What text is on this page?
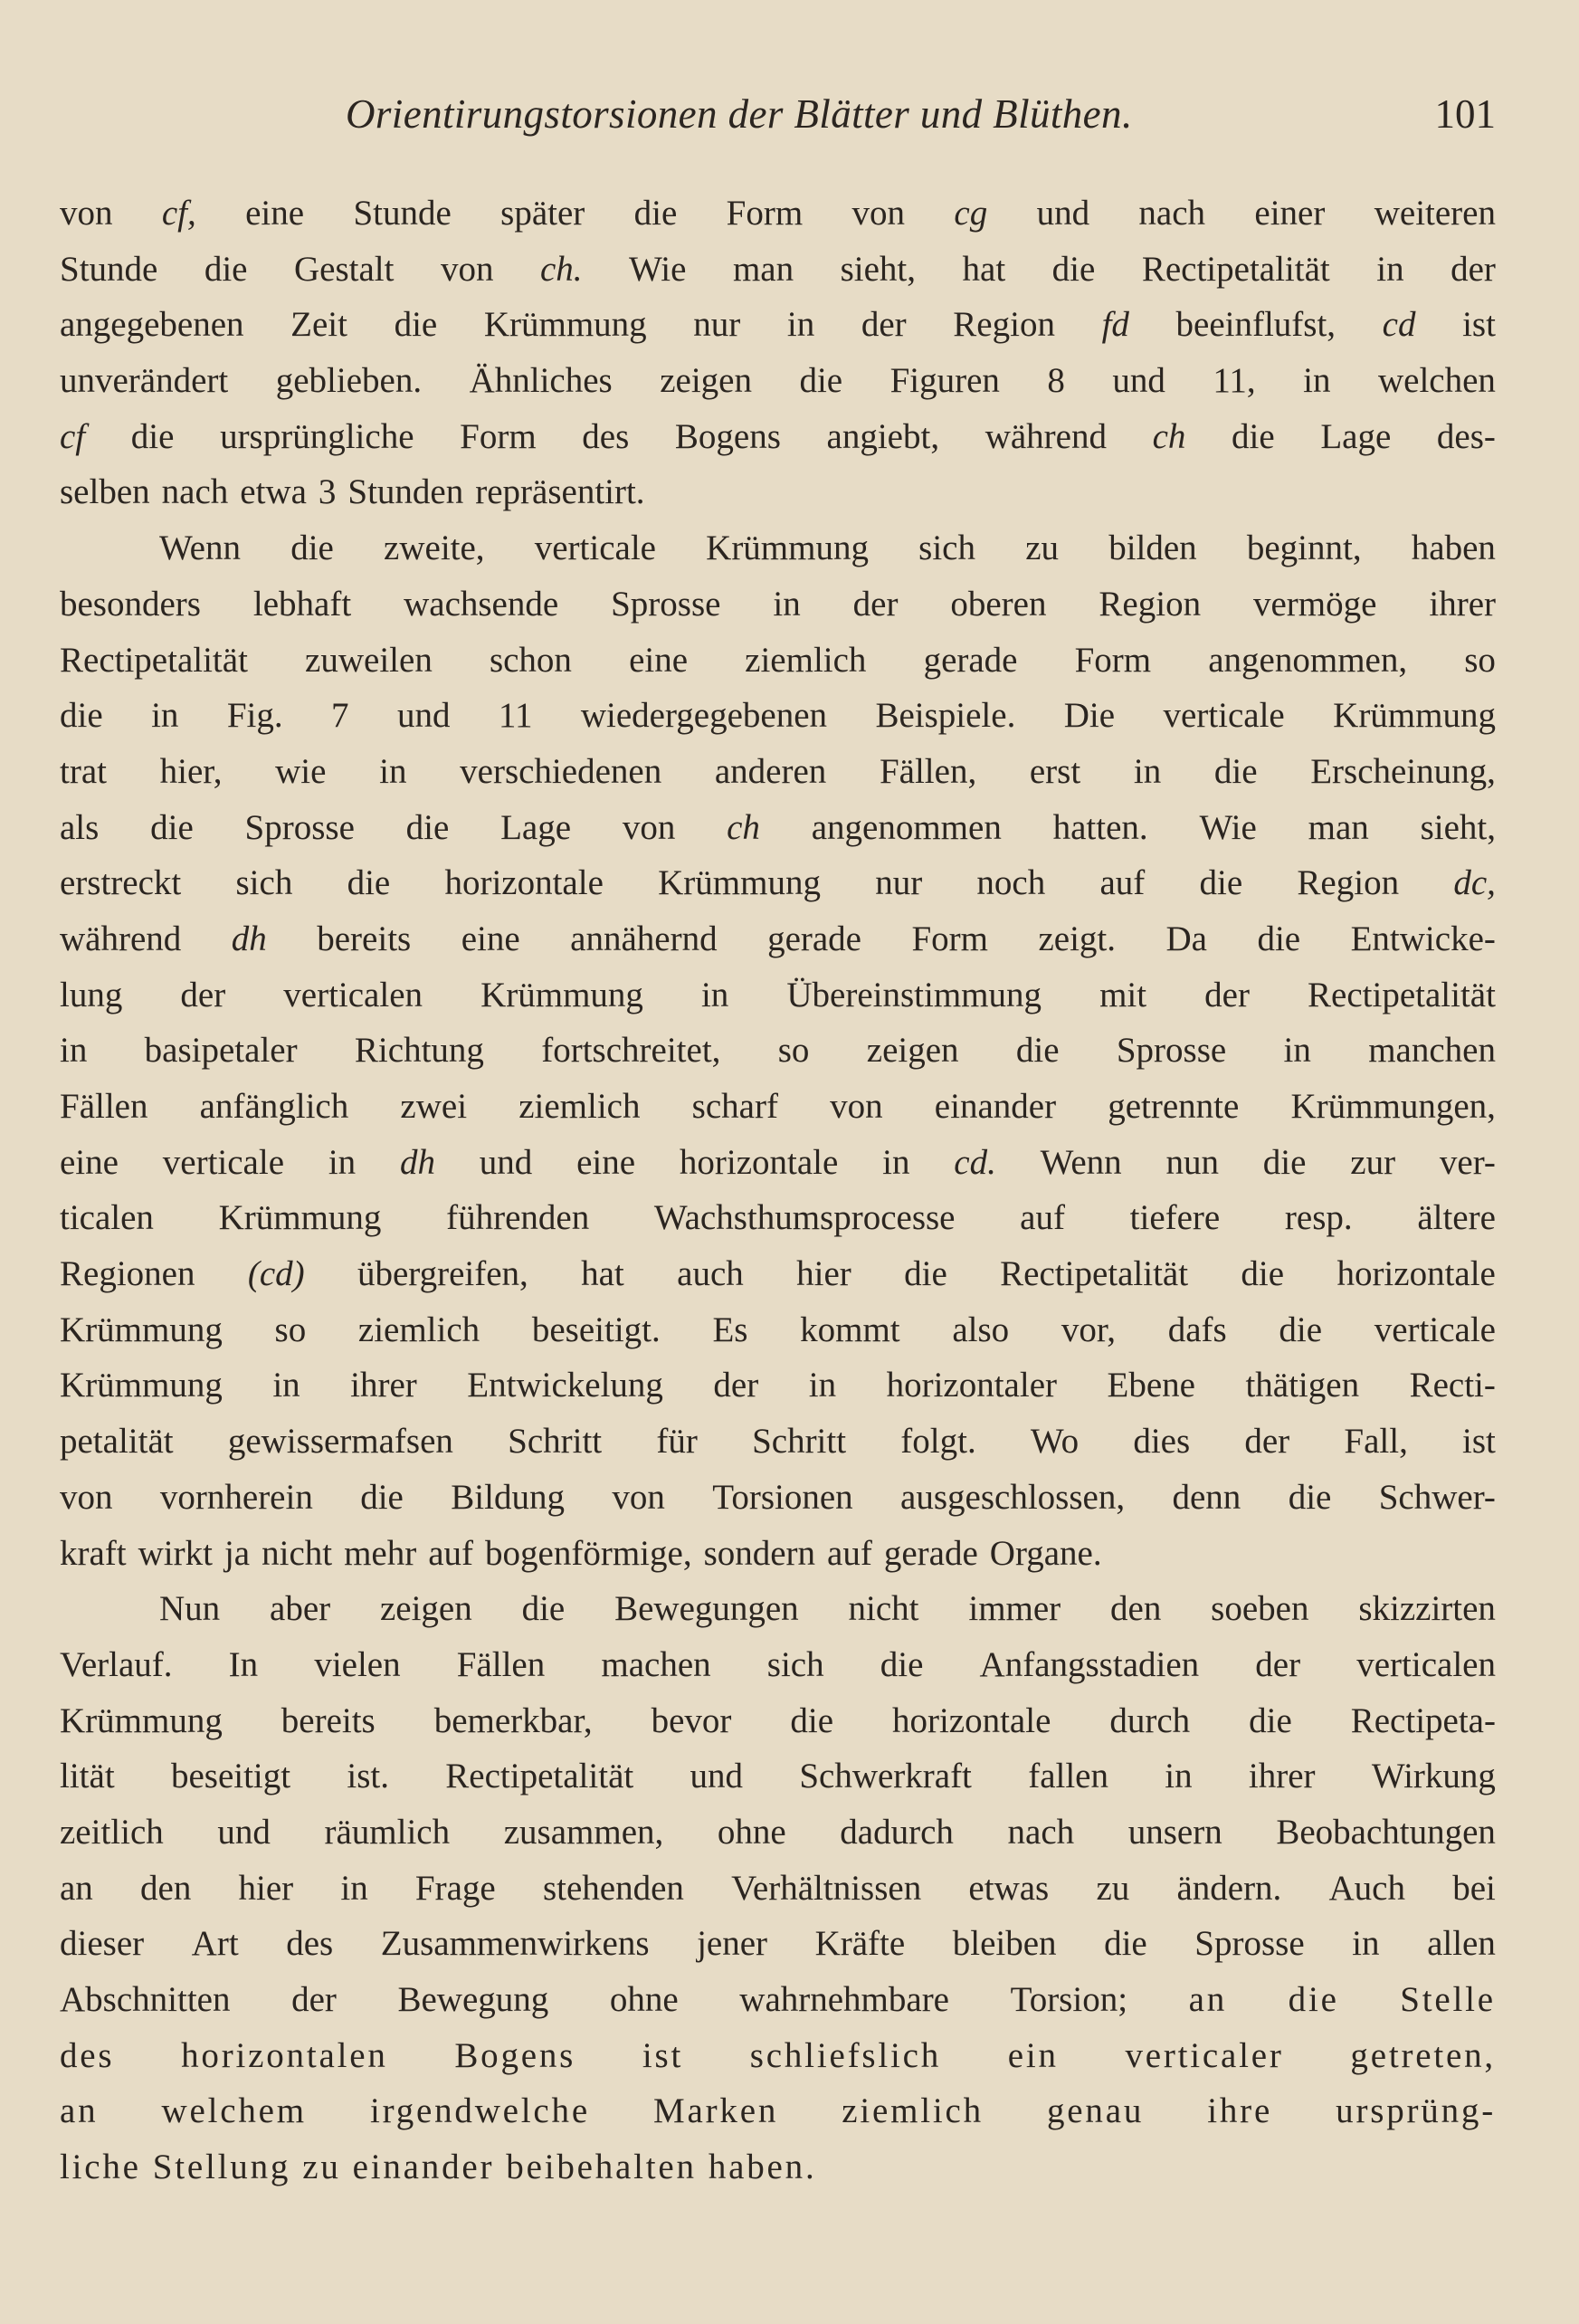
Orientirungstorsionen der Blätter und Blüthen.	101
von cf, eine Stunde später die Form von cg und nach einer weiteren
Stunde die Gestalt von ch. Wie man sieht, hat die Rectipetalität in der
angegebenen Zeit die Krümmung nur in der Region fd beeinflufst, cd ist
unverändert geblieben. Ähnliches zeigen die Figuren 8 und 11, in welchen
cf die ursprüngliche Form des Bogens angiebt, während ch die Lage des-
selben nach etwa 3 Stunden repräsentirt.
Wenn die zweite, verticale Krümmung sich zu bilden beginnt, haben
besonders lebhaft wachsende Sprosse in der oberen Region vermöge ihrer
Rectipetalität zuweilen schon eine ziemlich gerade Form angenommen, so
die in Fig. 7 und 11 wiedergegebenen Beispiele. Die verticale Krümmung
trat hier, wie in verschiedenen anderen Fällen, erst in die Erscheinung,
als die Sprosse die Lage von ch angenommen hatten. Wie man sieht,
erstreckt sich die horizontale Krümmung nur noch auf die Region dc,
während dh bereits eine annähernd gerade Form zeigt. Da die Entwicke-
lung der verticalen Krümmung in Übereinstimmung mit der Rectipetalität
in basipetaler Richtung fortschreitet, so zeigen die Sprosse in manchen
Fällen anfänglich zwei ziemlich scharf von einander getrennte Krümmungen,
eine verticale in dh und eine horizontale in cd. Wenn nun die zur ver-
ticalen Krümmung führenden Wachsthumsprocesse auf tiefere resp. ältere
Regionen (cd) übergreifen, hat auch hier die Rectipetalität die horizontale
Krümmung so ziemlich beseitigt. Es kommt also vor, dafs die verticale
Krümmung in ihrer Entwickelung der in horizontaler Ebene thätigen Recti-
petalität gewissermafsen Schritt für Schritt folgt. Wo dies der Fall, ist
von vornherein die Bildung von Torsionen ausgeschlossen, denn die Schwer-
kraft wirkt ja nicht mehr auf bogenförmige, sondern auf gerade Organe.
Nun aber zeigen die Bewegungen nicht immer den soeben skizzirten
Verlauf. In vielen Fällen machen sich die Anfangsstadien der verticalen
Krümmung bereits bemerkbar, bevor die horizontale durch die Rectipeta-
lität beseitigt ist. Rectipetalität und Schwerkraft fallen in ihrer Wirkung
zeitlich und räumlich zusammen, ohne dadurch nach unsern Beobachtungen
an den hier in Frage stehenden Verhältnissen etwas zu ändern. Auch bei
dieser Art des Zusammenwirkens jener Kräfte bleiben die Sprosse in allen
Abschnitten der Bewegung ohne wahrnehmbare Torsion; an die Stelle
des horizontalen Bogens ist schliefslich ein verticaler getreten,
an welchem irgendwelche Marken ziemlich genau ihre ursprüng-
liche Stellung zu einander beibehalten haben.
